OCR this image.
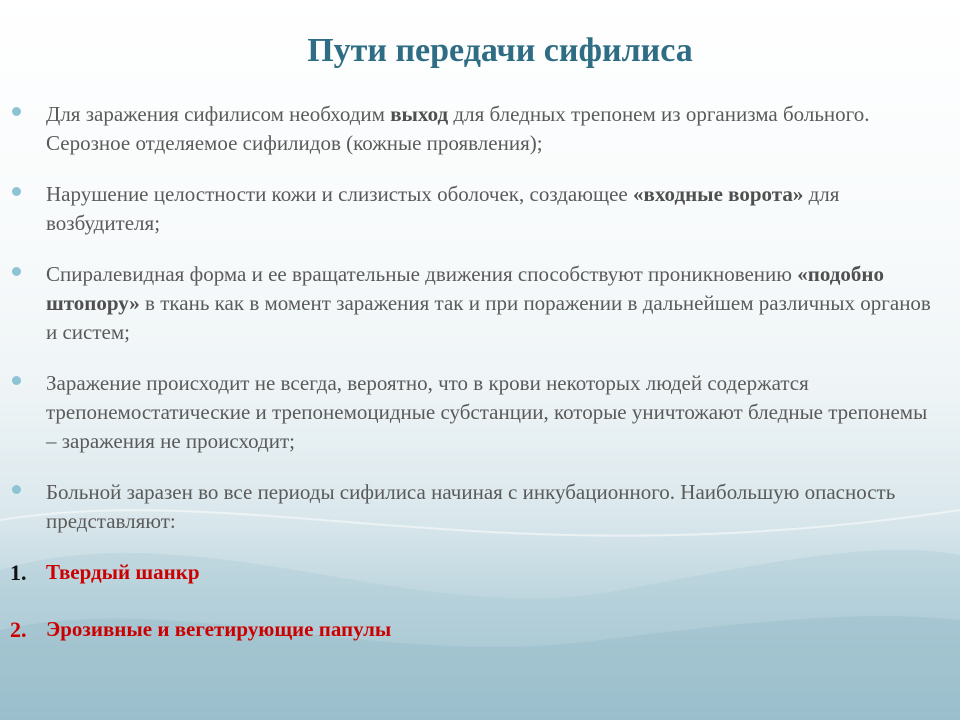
Пути передачи сифилиса
Для заражения сифилисом необходим выход для бледных трепонем из организма больного. Серозное отделяемое сифилидов (кожные проявления);
Нарушение целостности кожи и слизистых оболочек, создающее «входные ворота» для возбудителя;
Спиралевидная форма и ее вращательные движения способствуют проникновению «подобно штопору» в ткань как в момент заражения так и при поражении в дальнейшем различных органов и систем;
Заражение происходит не всегда, вероятно, что в крови некоторых людей содержатся трепонемостатические и трепонемоцидные субстанции, которые уничтожают бледные трепонемы – заражения не происходит;
Больной заразен во все периоды сифилиса начиная с инкубационного. Наибольшую опасность представляют:
1. Твердый шанкр
2. Эрозивные и вегетирующие папулы
